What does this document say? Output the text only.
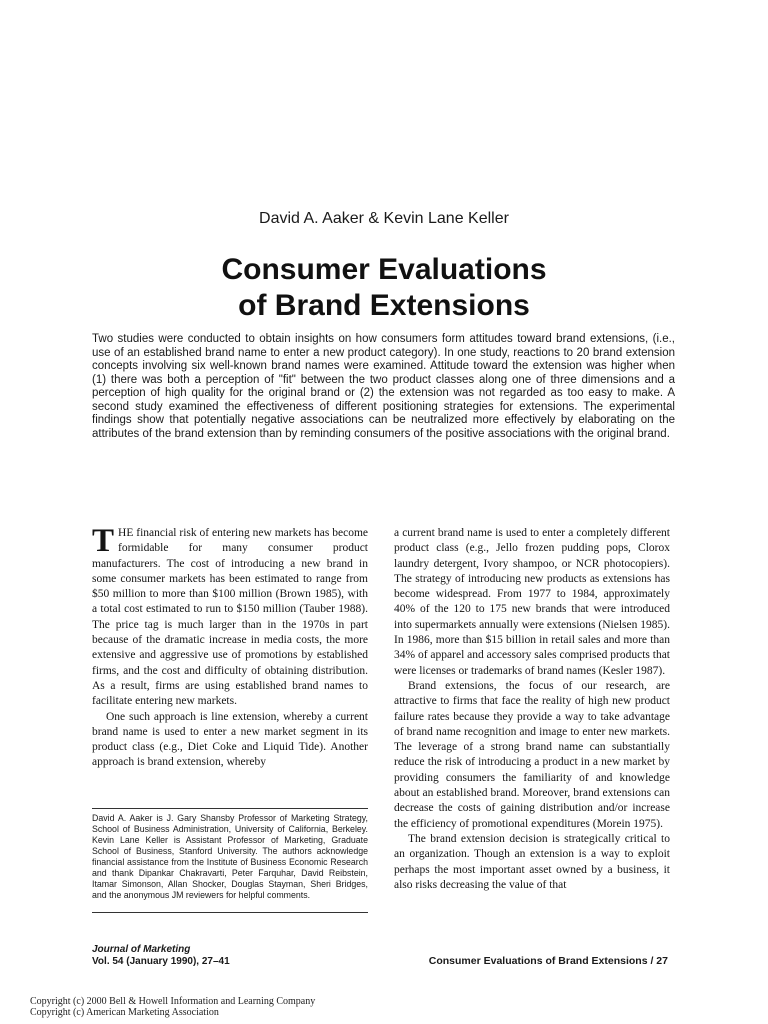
David A. Aaker & Kevin Lane Keller
Consumer Evaluations
of Brand Extensions
Two studies were conducted to obtain insights on how consumers form attitudes toward brand extensions, (i.e., use of an established brand name to enter a new product category). In one study, reactions to 20 brand extension concepts involving six well-known brand names were examined. Attitude toward the extension was higher when (1) there was both a perception of "fit" between the two product classes along one of three dimensions and a perception of high quality for the original brand or (2) the extension was not regarded as too easy to make. A second study examined the effectiveness of different positioning strategies for extensions. The experimental findings show that potentially negative associations can be neutralized more effectively by elaborating on the attributes of the brand extension than by reminding consumers of the positive associations with the original brand.

THE financial risk of entering new markets has become formidable for many consumer product manufacturers. The cost of introducing a new brand in some consumer markets has been estimated to range from $50 million to more than $100 million (Brown 1985), with a total cost estimated to run to $150 million (Tauber 1988). The price tag is much larger than in the 1970s in part because of the dramatic increase in media costs, the more extensive and aggressive use of promotions by established firms, and the cost and difficulty of obtaining distribution. As a result, firms are using established brand names to facilitate entering new markets.

One such approach is line extension, whereby a current brand name is used to enter a new market segment in its product class (e.g., Diet Coke and Liquid Tide). Another approach is brand extension, whereby

a current brand name is used to enter a completely different product class (e.g., Jello frozen pudding pops, Clorox laundry detergent, Ivory shampoo, or NCR photocopiers). The strategy of introducing new products as extensions has become widespread. From 1977 to 1984, approximately 40% of the 120 to 175 new brands that were introduced into supermarkets annually were extensions (Nielsen 1985). In 1986, more than $15 billion in retail sales and more than 34% of apparel and accessory sales comprised products that were licenses or trademarks of brand names (Kesler 1987).

Brand extensions, the focus of our research, are attractive to firms that face the reality of high new product failure rates because they provide a way to take advantage of brand name recognition and image to enter new markets. The leverage of a strong brand name can substantially reduce the risk of introducing a product in a new market by providing consumers the familiarity of and knowledge about an established brand. Moreover, brand extensions can decrease the costs of gaining distribution and/or increase the efficiency of promotional expenditures (Morein 1975).

The brand extension decision is strategically critical to an organization. Though an extension is a way to exploit perhaps the most important asset owned by a business, it also risks decreasing the value of that

David A. Aaker is J. Gary Shansby Professor of Marketing Strategy, School of Business Administration, University of California, Berkeley. Kevin Lane Keller is Assistant Professor of Marketing, Graduate School of Business, Stanford University. The authors acknowledge financial assistance from the Institute of Business Economic Research and thank Dipankar Chakravarti, Peter Farquhar, David Reibstein, Itamar Simonson, Allan Shocker, Douglas Stayman, Sheri Bridges, and the anonymous JM reviewers for helpful comments.
Journal of Marketing
Vol. 54 (January 1990), 27–41	Consumer Evaluations of Brand Extensions / 27
Copyright (c) 2000 Bell & Howell Information and Learning Company
Copyright (c) American Marketing Association
